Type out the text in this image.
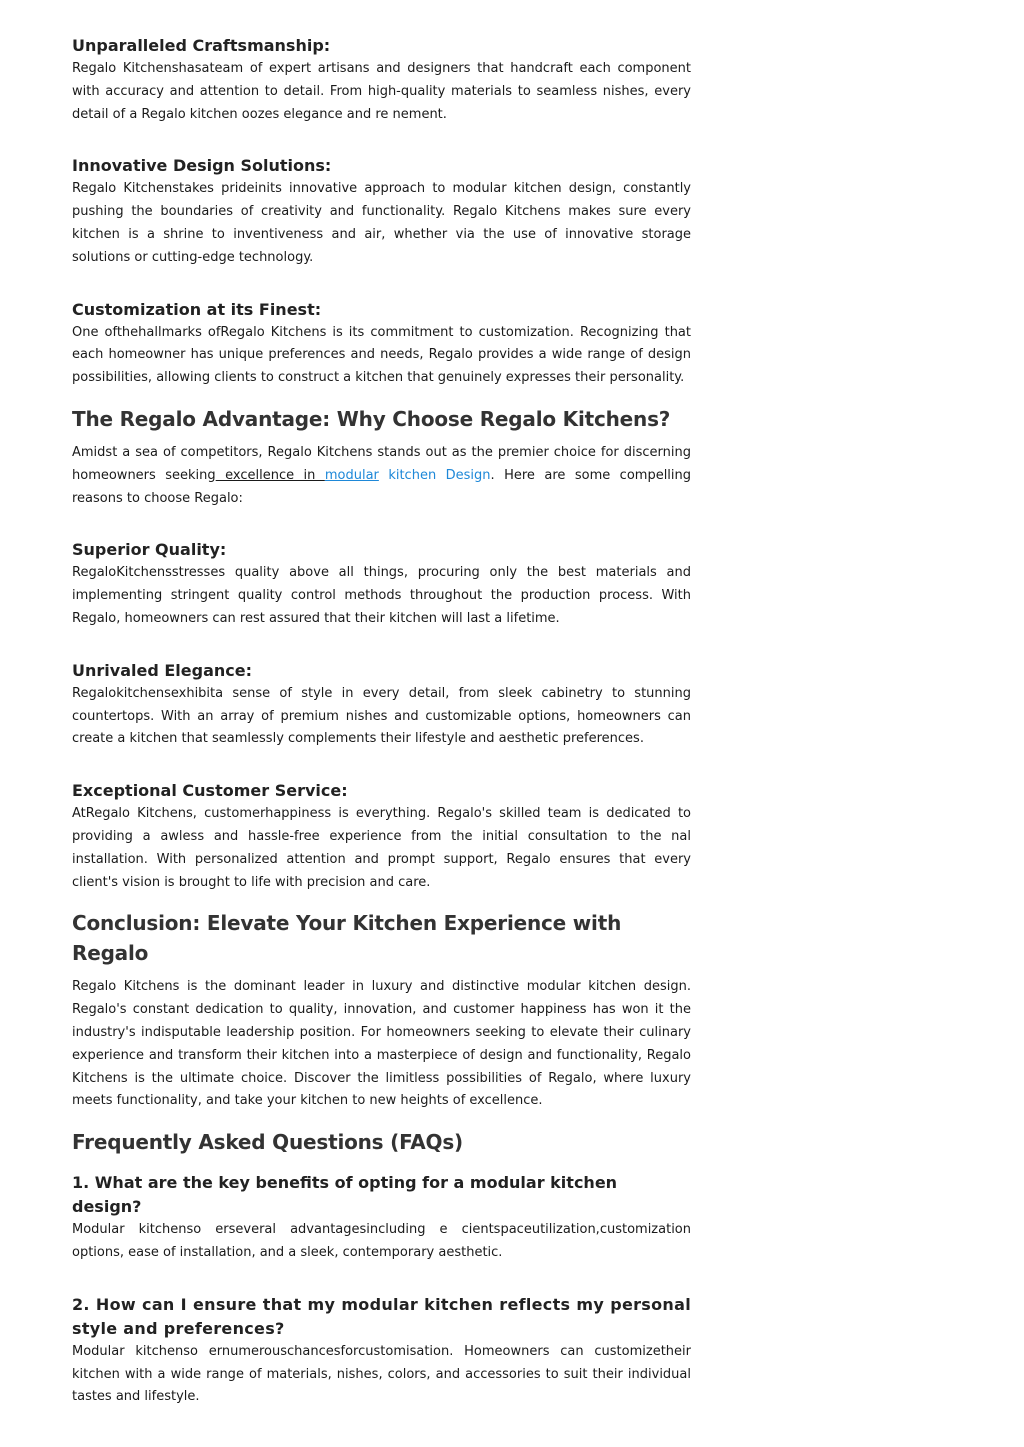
Unparalleled Craftsmanship:

Regalo Kitchenshasateam of expert artisans and designers that handcraft each component with accuracy and attention to detail. From high-quality materials to seamless nishes, every detail of a Regalo kitchen oozes elegance and re nement.

Innovative Design Solutions:

Regalo Kitchenstakes prideinits innovative approach to modular kitchen design, constantly pushing the boundaries of creativity and functionality. Regalo Kitchens makes sure every kitchen is a shrine to inventiveness and air, whether via the use of innovative storage solutions or cutting-edge technology.

Customization at its Finest:

One ofthehallmarks ofRegalo Kitchens is its commitment to customization. Recognizing that each homeowner has unique preferences and needs, Regalo provides a wide range of design possibilities, allowing clients to construct a kitchen that genuinely expresses their personality.

The Regalo Advantage: Why Choose Regalo Kitchens?

Amidst a sea of competitors, Regalo Kitchens stands out as the premier choice for discerning homeowners seeking excellence in modular kitchen Design. Here are some compelling reasons to choose Regalo:

Superior Quality:

RegaloKitchensstresses quality above all things, procuring only the best materials and implementing stringent quality control methods throughout the production process. With Regalo, homeowners can rest assured that their kitchen will last a lifetime.

Unrivaled Elegance:

Regalokitchensexhibita sense of style in every detail, from sleek cabinetry to stunning countertops. With an array of premium nishes and customizable options, homeowners can create a kitchen that seamlessly complements their lifestyle and aesthetic preferences.

Exceptional Customer Service:

AtRegalo Kitchens, customerhappiness is everything. Regalo's skilled team is dedicated to providing a awless and hassle-free experience from the initial consultation to the nal installation. With personalized attention and prompt support, Regalo ensures that every client's vision is brought to life with precision and care.

Conclusion: Elevate Your Kitchen Experience with Regalo

Regalo Kitchens is the dominant leader in luxury and distinctive modular kitchen design. Regalo's constant dedication to quality, innovation, and customer happiness has won it the industry's indisputable leadership position. For homeowners seeking to elevate their culinary experience and transform their kitchen into a masterpiece of design and functionality, Regalo Kitchens is the ultimate choice. Discover the limitless possibilities of Regalo, where luxury meets functionality, and take your kitchen to new heights of excellence.

Frequently Asked Questions (FAQs)
1. What are the key benefits of opting for a modular kitchen design?

Modular kitchenso erseveral advantagesincluding e cientspaceutilization,customization options, ease of installation, and a sleek, contemporary aesthetic.

2. How can I ensure that my modular kitchen reflects my personal style and preferences?

Modular kitchenso ernumerouschancesforcustomisation. Homeowners can customizetheir kitchen with a wide range of materials, nishes, colors, and accessories to suit their individual tastes and lifestyle.
